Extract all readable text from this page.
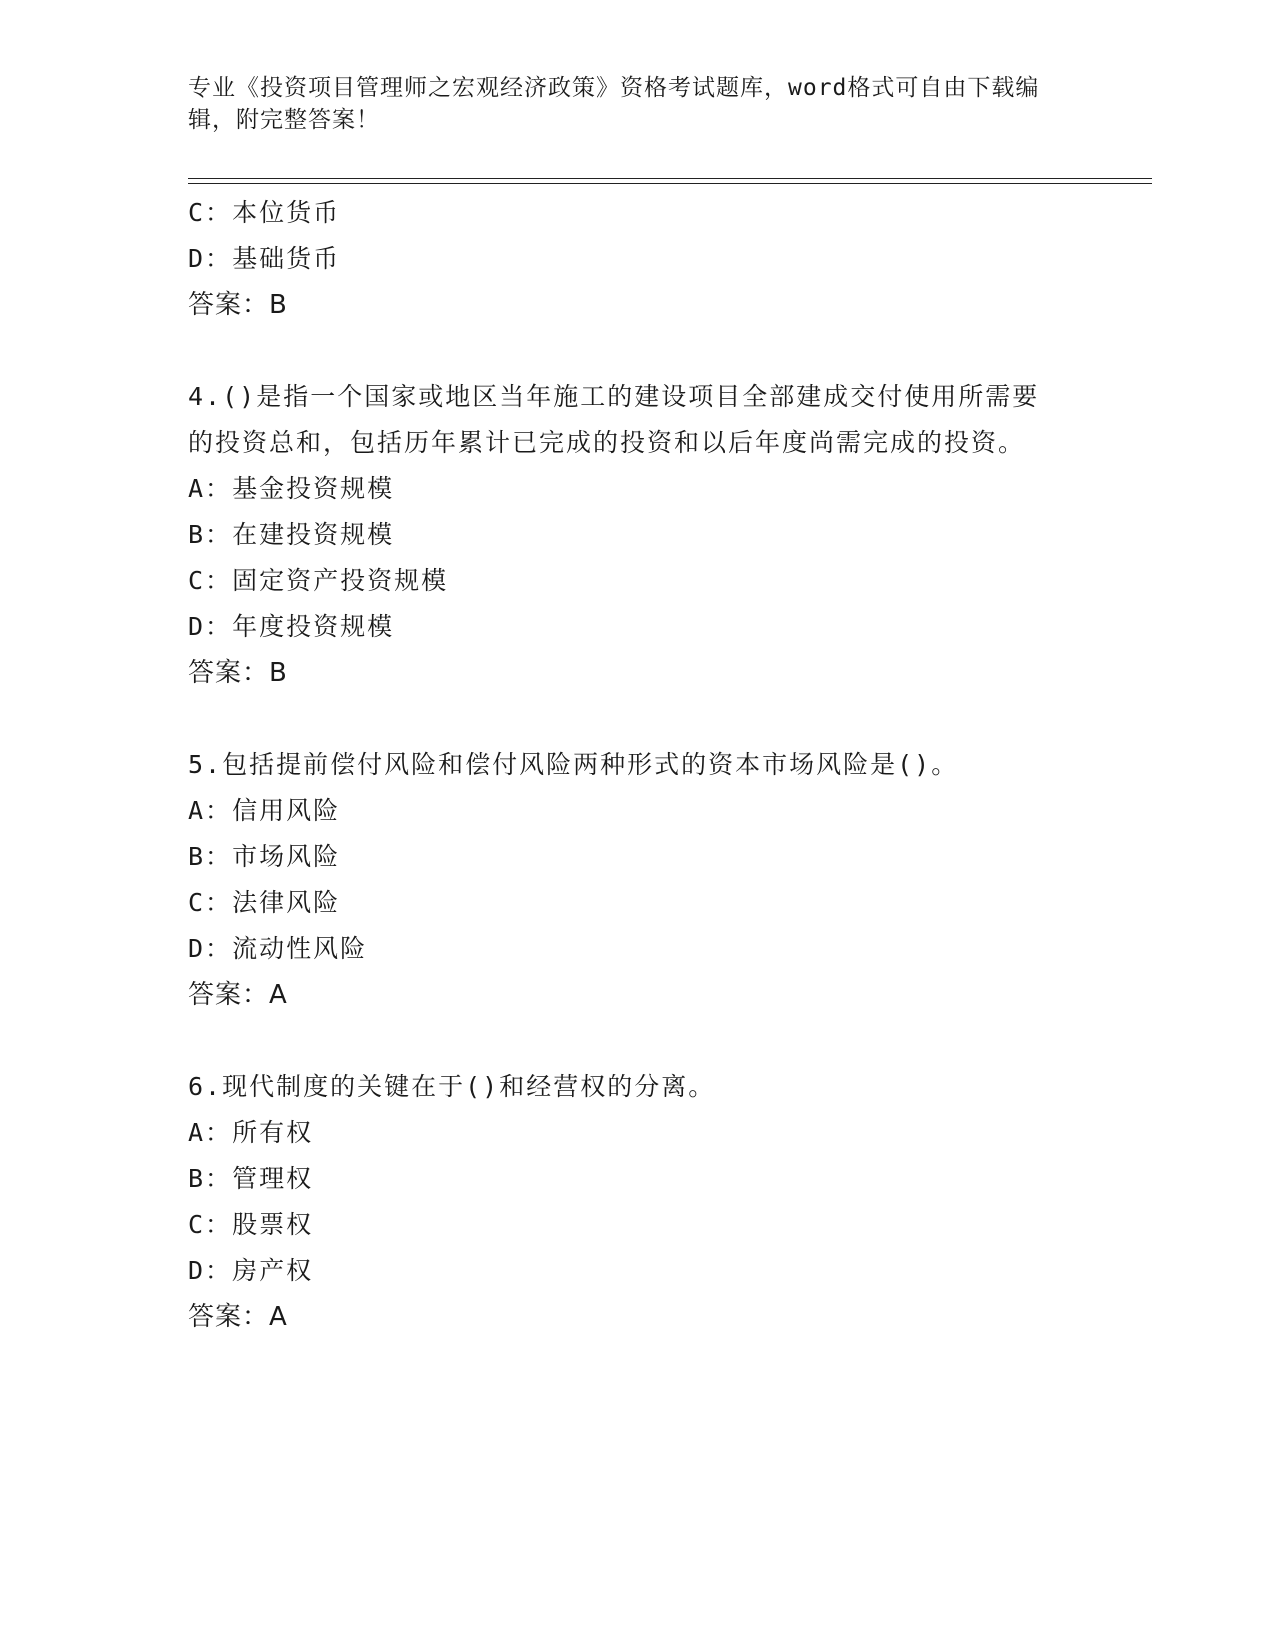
专业《投资项目管理师之宏观经济政策》资格考试题库，word格式可自由下载编辑，附完整答案！
C：本位货币
D：基础货币
答案：B
4.()是指一个国家或地区当年施工的建设项目全部建成交付使用所需要的投资总和，包括历年累计已完成的投资和以后年度尚需完成的投资。
A：基金投资规模
B：在建投资规模
C：固定资产投资规模
D：年度投资规模
答案：B
5.包括提前偿付风险和偿付风险两种形式的资本市场风险是()。
A：信用风险
B：市场风险
C：法律风险
D：流动性风险
答案：A
6.现代制度的关键在于()和经营权的分离。
A：所有权
B：管理权
C：股票权
D：房产权
答案：A
